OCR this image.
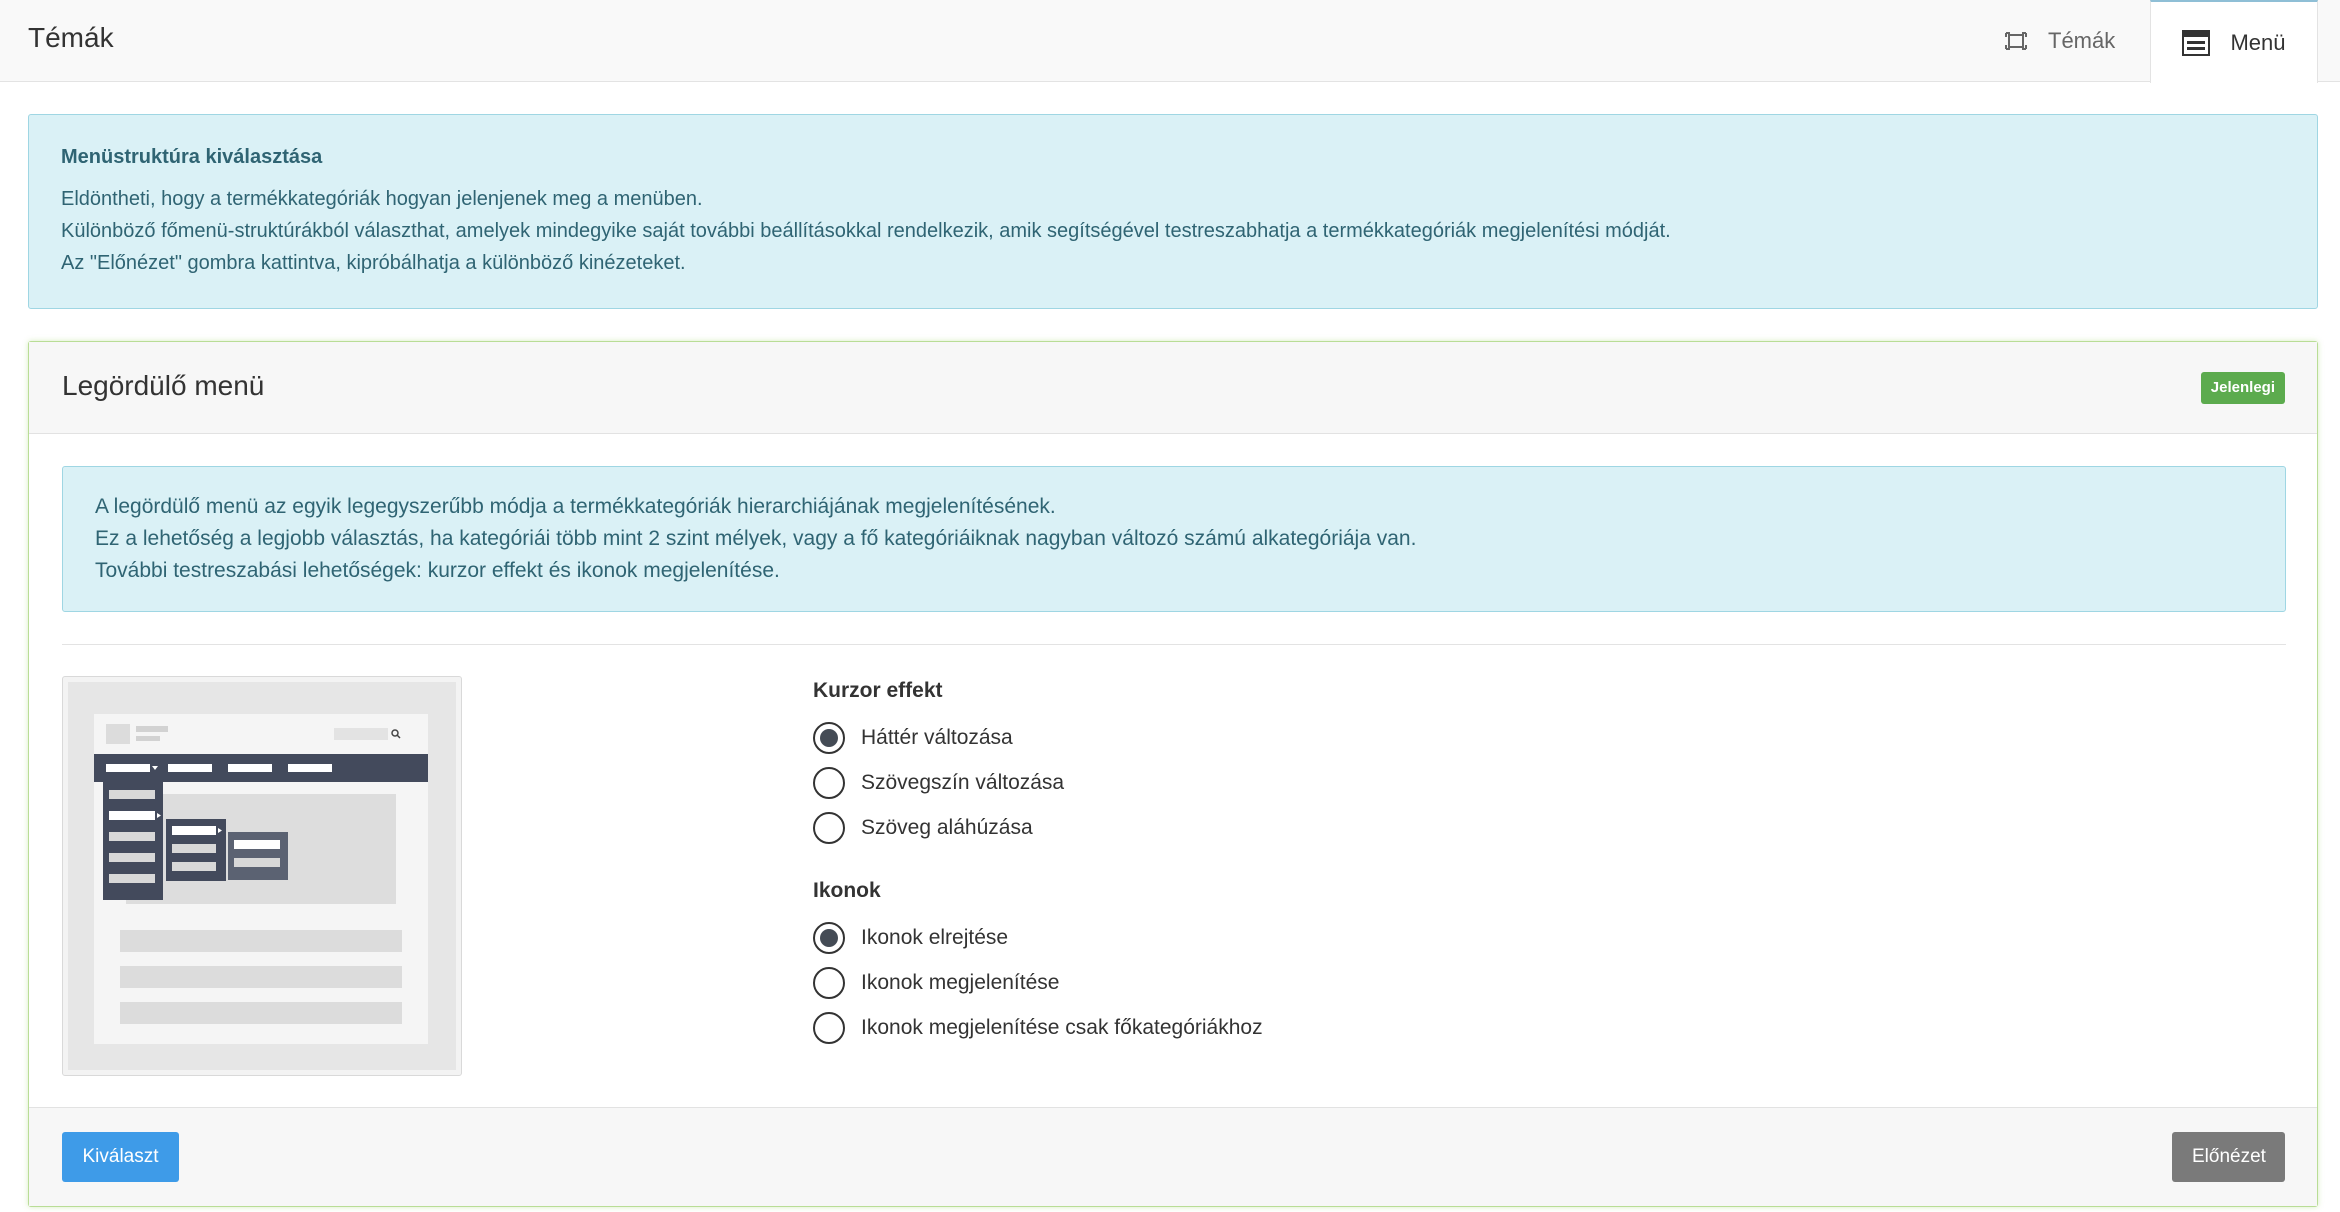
Témák	Témák	Menü
Menüstruktúra kiválasztása
Eldöntheti, hogy a termékkategóriák hogyan jelenjenek meg a menüben.
Különböző főmenü-struktúrákból választhat, amelyek mindegyike saját további beállításokkal rendelkezik, amik segítségével testreszabhatja a termékkategóriák megjelenítési módját.
Az "Előnézet" gombra kattintva, kipróbálhatja a különböző kinézeteket.
Legördülő menü	Jelenlegi
A legördülő menü az egyik legegyszerűbb módja a termékkategóriák hierarchiájának megjelenítésének.
Ez a lehetőség a legjobb választás, ha kategóriái több mint 2 szint mélyek, vagy a fő kategóriáiknak nagyban változó számú alkategóriája van.
További testreszabási lehetőségek: kurzor effekt és ikonok megjelenítése.
Kurzor effekt
Háttér változása
Szövegszín változása
Szöveg aláhúzása
Ikonok
Ikonok elrejtése
Ikonok megjelenítése
Ikonok megjelenítése csak főkategóriákhoz
Kiválaszt	Előnézet
